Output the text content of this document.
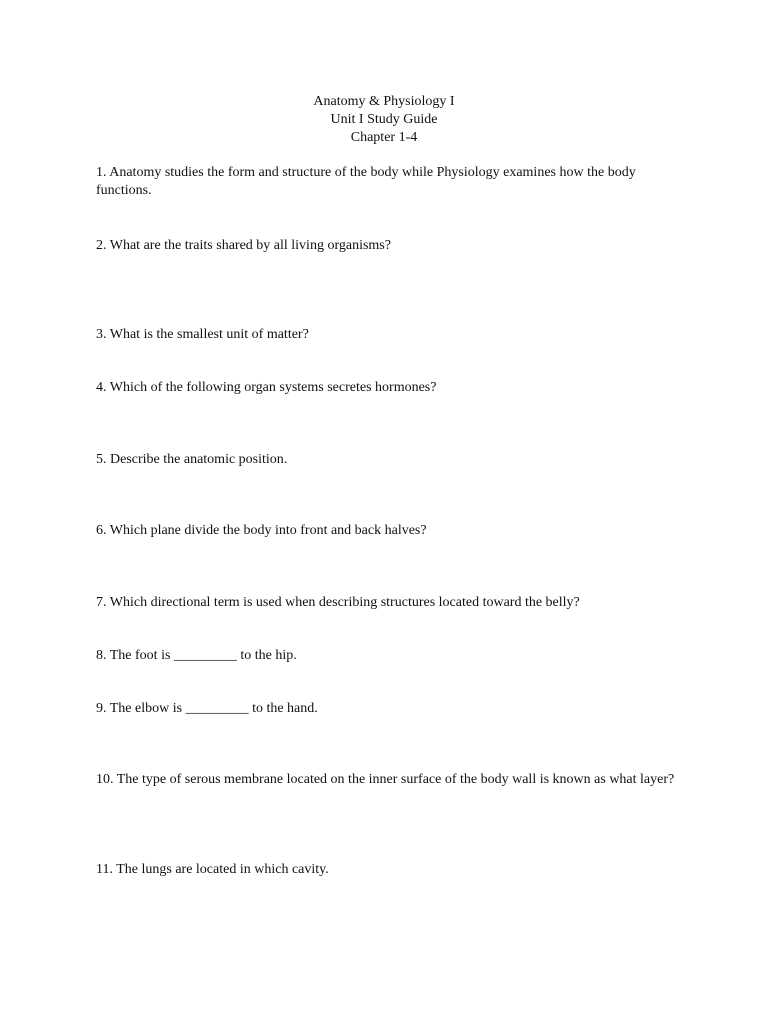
Anatomy & Physiology I
Unit I Study Guide
Chapter 1-4
1. Anatomy studies the form and structure of the body while Physiology examines how the body functions.
2. What are the traits shared by all living organisms?
3. What is the smallest unit of matter?
4. Which of the following organ systems secretes hormones?
5. Describe the anatomic position.
6. Which plane divide the body into front and back halves?
7. Which directional term is used when describing structures located toward the belly?
8. The foot is _________ to the hip.
9. The elbow is _________ to the hand.
10. The type of serous membrane located on the inner surface of the body wall is known as what layer?
11. The lungs are located in which cavity.
